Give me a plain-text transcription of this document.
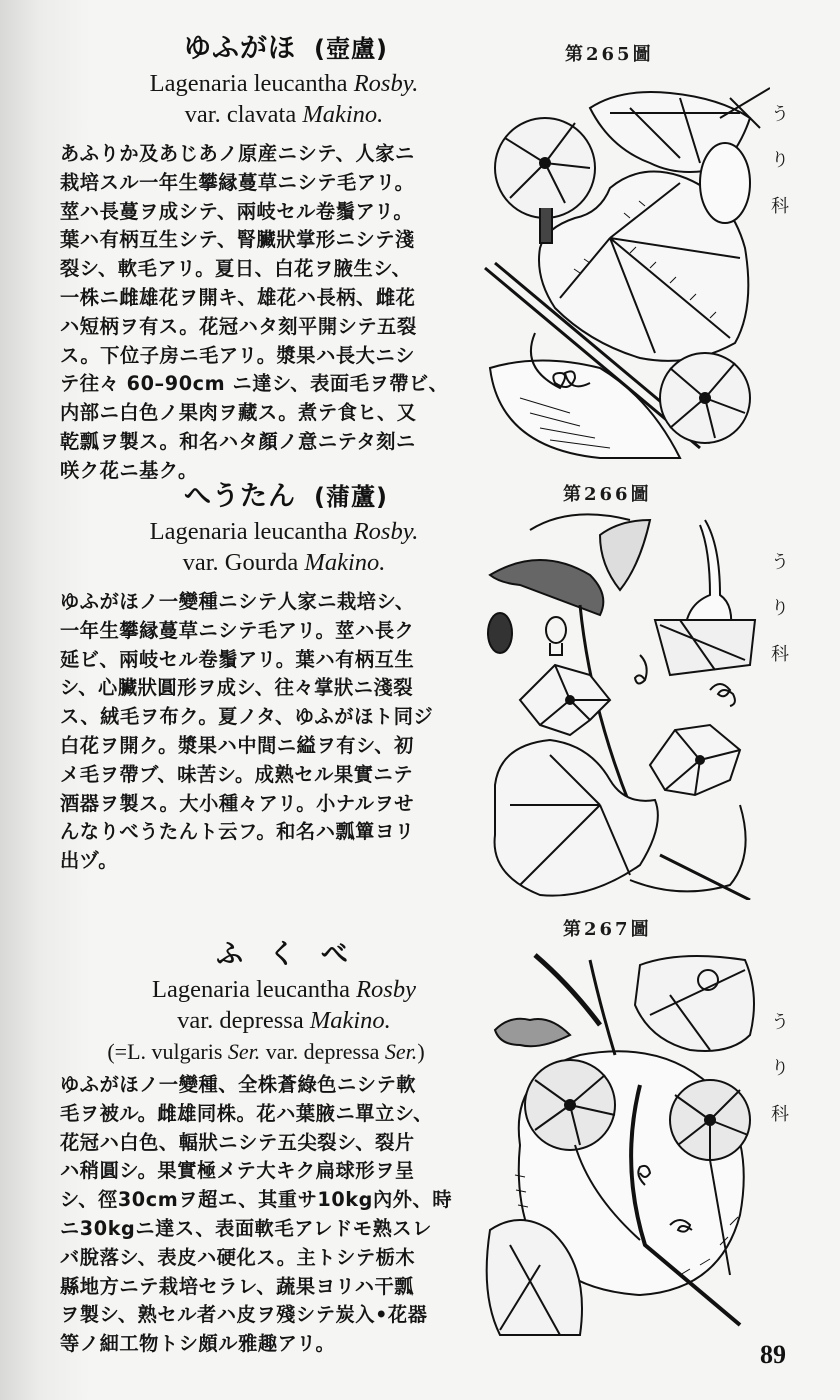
ゆふがほ (壺盧)
Lagenaria leucantha Rosby.
var. clavata Makino.
あふりか及あじあノ原産ニシテ、人家ニ
栽培スル一年生攀縁蔓草ニシテ毛アリ。
莖ハ長蔓ヲ成シテ、兩岐セル卷鬚アリ。
葉ハ有柄互生シテ、腎臟狀掌形ニシテ淺
裂シ、軟毛アリ。夏日、白花ヲ腋生シ、
一株ニ雌雄花ヲ開キ、雄花ハ長柄、雌花
ハ短柄ヲ有ス。花冠ハタ刻平開シテ五裂
ス。下位子房ニ毛アリ。漿果ハ長大ニシ
テ往々 60–90cm ニ達シ、表面毛ヲ帶ビ、
内部ニ白色ノ果肉ヲ藏ス。煮テ食ヒ、又
乾瓢ヲ製ス。和名ハタ顏ノ意ニテタ刻ニ
咲ク花ニ基ク。
へうたん (蒲蘆)
Lagenaria leucantha Rosby.
var. Gourda Makino.
ゆふがほノ一變種ニシテ人家ニ栽培シ、
一年生攀縁蔓草ニシテ毛アリ。莖ハ長ク
延ビ、兩岐セル卷鬚アリ。葉ハ有柄互生
シ、心臟狀圓形ヲ成シ、往々掌狀ニ淺裂
ス、絨毛ヲ布ク。夏ノタ、ゆふがほト同ジ
白花ヲ開ク。漿果ハ中間ニ縊ヲ有シ、初
メ毛ヲ帶ブ、味苦シ。成熟セル果實ニテ
酒器ヲ製ス。大小種々アリ。小ナルヲせ
んなりべうたんト云フ。和名ハ瓢簞ヨリ
出ヅ。
ふ く べ
Lagenaria leucantha Rosby
var. depressa Makino.
(=L. vulgaris Ser. var. depressa Ser.)
ゆふがほノ一變種、全株蒼綠色ニシテ軟
毛ヲ被ル。雌雄同株。花ハ葉腋ニ單立シ、
花冠ハ白色、輻狀ニシテ五尖裂シ、裂片
ハ稍圓シ。果實極メテ大キク扁球形ヲ呈
シ、徑30cmヲ超エ、其重サ10kg內外、時
ニ30kgニ達ス、表面軟毛アレドモ熟スレ
バ脫落シ、表皮ハ硬化ス。主トシテ栃木
縣地方ニテ栽培セラレ、蔬果ヨリハ干瓢
ヲ製シ、熟セル者ハ皮ヲ殘シテ炭入•花器
等ノ細工物トシ頗ル雅趣アリ。
第265圖
第266圖
第267圖
う
り
科
う
り
科
う
り
科
89
